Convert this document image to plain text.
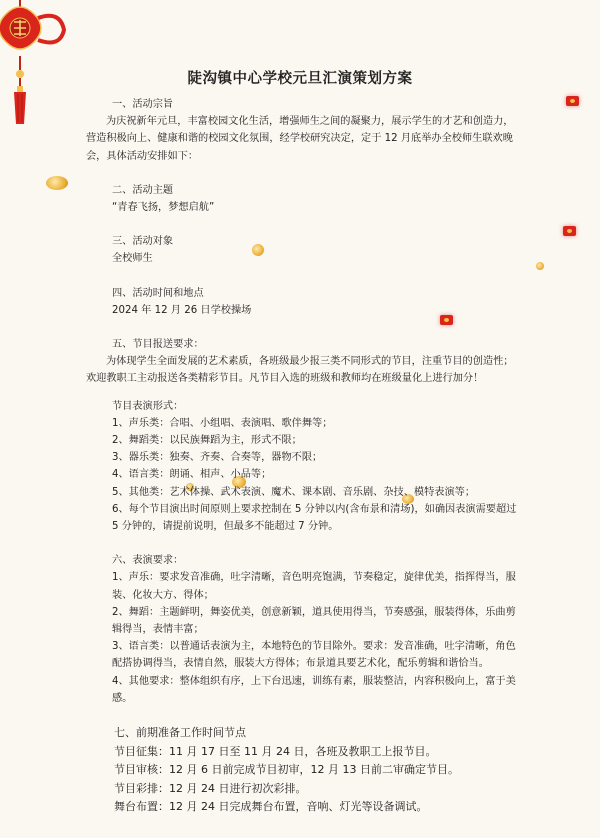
陡沟镇中心学校元旦汇演策划方案

一、活动宗旨

为庆祝新年元旦，丰富校园文化生活，增强师生之间的凝聚力，展示学生的才艺和创造力，营造积极向上、健康和谐的校园文化氛围，经学校研究决定，定于 12 月底举办全校师生联欢晚会，具体活动安排如下：

二、活动主题

“青春飞扬，梦想启航”

三、活动对象

全校师生

四、活动时间和地点

2024 年 12 月 26 日学校操场

五、节目报送要求：

为体现学生全面发展的艺术素质，各班级最少报三类不同形式的节目，注重节目的创造性；欢迎教职工主动报送各类精彩节目。凡节目入选的班级和教师均在班级量化上进行加分！

节目表演形式：

1、声乐类：合唱、小组唱、表演唱、歌伴舞等；

2、舞蹈类：以民族舞蹈为主，形式不限；

3、器乐类：独奏、齐奏、合奏等，器物不限；

4、语言类：朗诵、相声、小品等；

5、其他类：艺术体操、武术表演、魔术、课本剧、音乐剧、杂技、模特表演等；

6、每个节目演出时间原则上要求控制在 5 分钟以内(含布景和清场)，如确因表演需要超过 5 分钟的，请提前说明，但最多不能超过 7 分钟。

六、表演要求：

1、声乐：要求发音准确，吐字清晰，音色明亮饱满，节奏稳定，旋律优美，指挥得当，服装、化妆大方、得体；

2、舞蹈：主题鲜明，舞姿优美，创意新颖，道具使用得当，节奏感强，服装得体，乐曲剪辑得当，表情丰富；

3、语言类：以普通话表演为主，本地特色的节目除外。要求：发音准确，吐字清晰，角色配搭协调得当，表情自然，服装大方得体；布景道具要艺术化，配乐剪辑和谐恰当。

4、其他要求：整体组织有序，上下台迅速，训练有素，服装整洁，内容积极向上，富于美感。

七、前期准备工作时间节点

节目征集：11 月 17 日至 11 月 24 日，各班及教职工上报节目。

节目审核：12 月 6 日前完成节目初审，12 月 13 日前二审确定节目。

节目彩排：12 月 24 日进行初次彩排。

舞台布置：12 月 24 日完成舞台布置，音响、灯光等设备调试。
